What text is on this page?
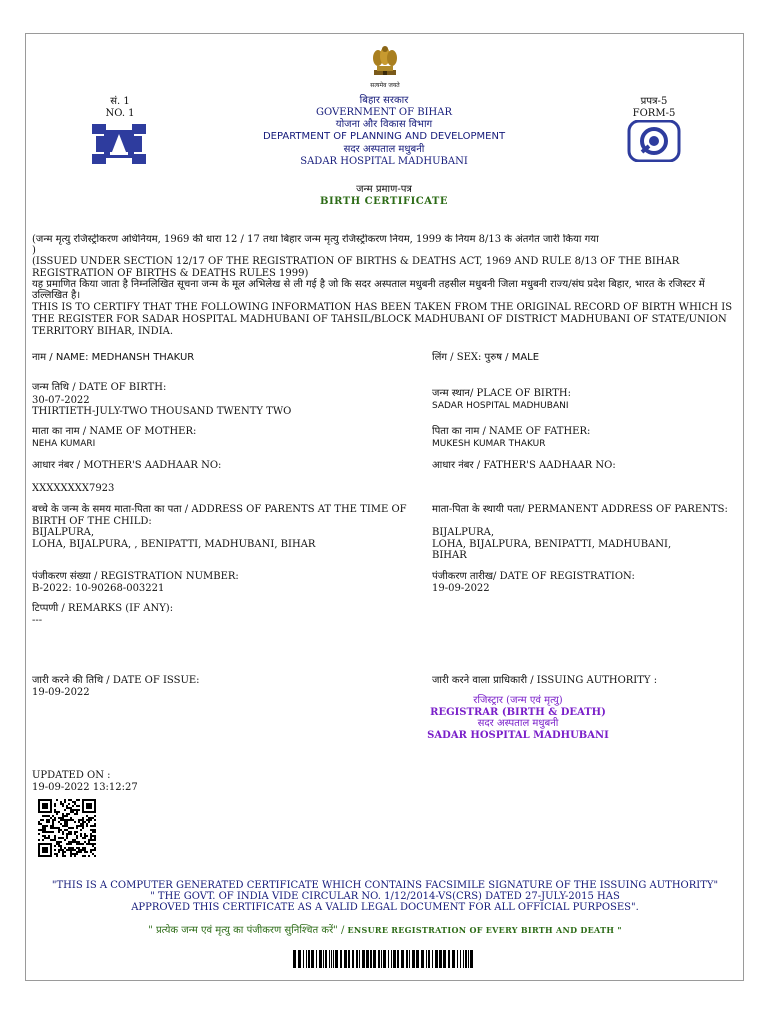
सत्यमेव जयते
सं. 1
NO. 1
प्रपत्र-5
FORM-5
बिहार सरकार
GOVERNMENT OF BIHAR
योजना और विकास विभाग
DEPARTMENT OF PLANNING AND DEVELOPMENT
सदर अस्पताल मधुबनी
SADAR HOSPITAL MADHUBANI
जन्म प्रमाण-पत्र
BIRTH CERTIFICATE
(जन्म मृत्यु रजिस्ट्रीकरण अधिनियम, 1969 की धारा 12 / 17 तथा बिहार जन्म मृत्यु रजिस्ट्रीकरण नियम, 1999 के नियम 8/13 के अंतर्गत जारी किया गया
)
(ISSUED UNDER SECTION 12/17 OF THE REGISTRATION OF BIRTHS & DEATHS ACT, 1969 AND RULE 8/13 OF THE BIHAR REGISTRATION OF BIRTHS & DEATHS RULES 1999)
यह प्रमाणित किया जाता है निम्नलिखित सूचना जन्म के मूल अभिलेख से ली गई है जो कि सदर अस्पताल मधुबनी तहसील मधुबनी जिला मधुबनी राज्य/संघ प्रदेश बिहार, भारत के रजिस्टर में उल्लिखित है।
THIS IS TO CERTIFY THAT THE FOLLOWING INFORMATION HAS BEEN TAKEN FROM THE ORIGINAL RECORD OF BIRTH WHICH IS THE REGISTER FOR SADAR HOSPITAL MADHUBANI OF TAHSIL/BLOCK MADHUBANI OF DISTRICT MADHUBANI OF STATE/UNION TERRITORY BIHAR, INDIA.
नाम / NAME: MEDHANSH THAKUR	लिंग / SEX: पुरुष / MALE
जन्म तिथि / DATE OF BIRTH:
30-07-2022
THIRTIETH-JULY-TWO THOUSAND TWENTY TWO
जन्म स्थान/ PLACE OF BIRTH:
SADAR HOSPITAL MADHUBANI
माता का नाम / NAME OF MOTHER:
NEHA KUMARI
पिता का नाम / NAME OF FATHER:
MUKESH KUMAR THAKUR
आधार नंबर / MOTHER'S AADHAAR NO:
XXXXXXXX7923
आधार नंबर / FATHER'S AADHAAR NO:
बच्चे के जन्म के समय माता-पिता का पता / ADDRESS OF PARENTS AT THE TIME OF BIRTH OF THE CHILD:
BIJALPURA,
LOHA, BIJALPURA, , BENIPATTI, MADHUBANI, BIHAR
माता-पिता के स्थायी पता/ PERMANENT ADDRESS OF PARENTS:
BIJALPURA,
LOHA, BIJALPURA, BENIPATTI, MADHUBANI,
BIHAR
पंजीकरण संख्या / REGISTRATION NUMBER:
B-2022: 10-90268-003221
पंजीकरण तारीख/ DATE OF REGISTRATION:
19-09-2022
टिप्पणी / REMARKS (IF ANY):
---
जारी करने की तिथि / DATE OF ISSUE:
19-09-2022
जारी करने वाला प्राधिकारी / ISSUING AUTHORITY :
रजिस्ट्रार (जन्म एवं मृत्यु)
REGISTRAR (BIRTH & DEATH)
सदर अस्पताल मधुबनी
SADAR HOSPITAL MADHUBANI
UPDATED ON :
19-09-2022 13:12:27
"THIS IS A COMPUTER GENERATED CERTIFICATE WHICH CONTAINS FACSIMILE SIGNATURE OF THE ISSUING AUTHORITY"
" THE GOVT. OF INDIA VIDE CIRCULAR NO. 1/12/2014-VS(CRS) DATED 27-JULY-2015 HAS
APPROVED THIS CERTIFICATE AS A VALID LEGAL DOCUMENT FOR ALL OFFICIAL PURPOSES".
" प्रत्येक जन्म एवं मृत्यु का पंजीकरण सुनिश्चित करें" / ENSURE REGISTRATION OF EVERY BIRTH AND DEATH "
